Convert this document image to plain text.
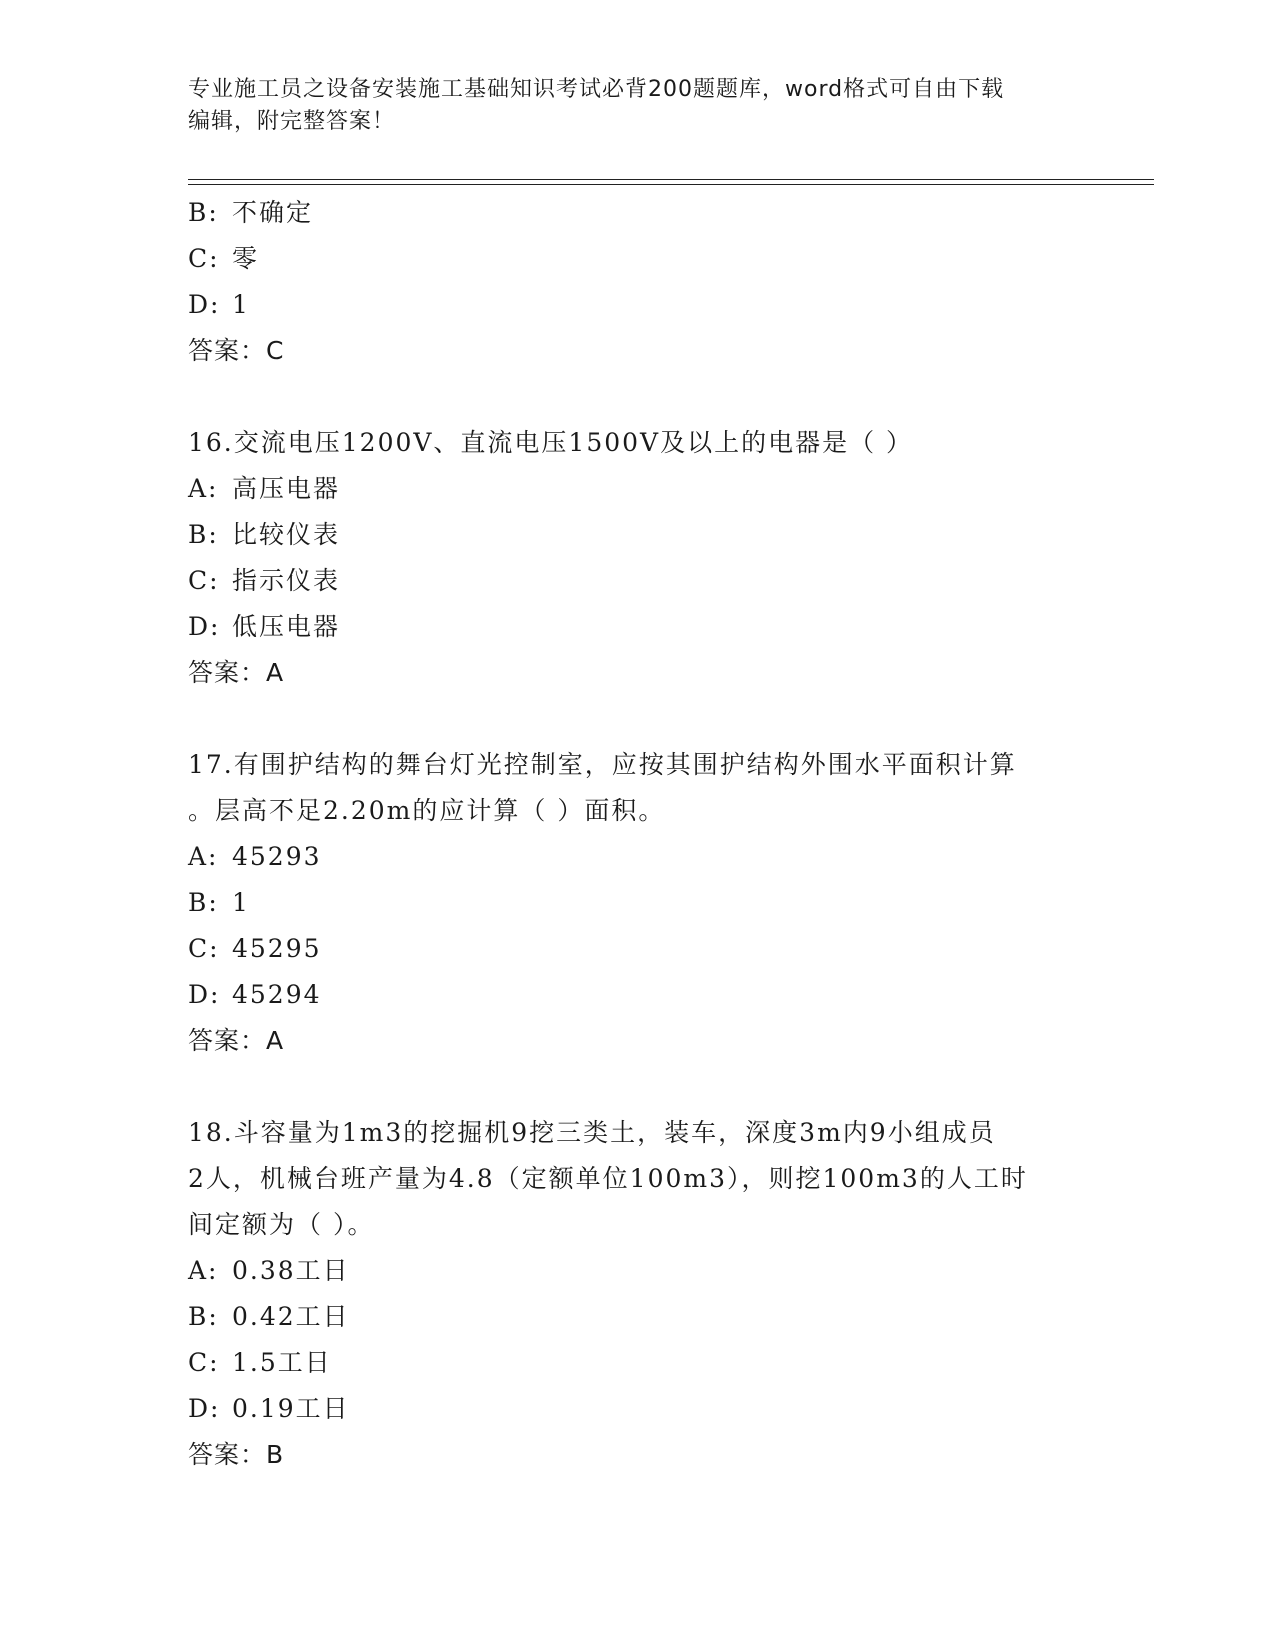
专业施工员之设备安装施工基础知识考试必背200题题库，word格式可自由下载
编辑，附完整答案！
B: 不确定
C: 零
D: 1
答案：C
16.交流电压1200V、直流电压1500V及以上的电器是（ ）
A: 高压电器
B: 比较仪表
C: 指示仪表
D: 低压电器
答案：A
17.有围护结构的舞台灯光控制室，应按其围护结构外围水平面积计算
。层高不足2.20m的应计算（ ）面积。
A: 45293
B: 1
C: 45295
D: 45294
答案：A
18.斗容量为1m3的挖掘机9挖三类土，装车，深度3m内9小组成员
2人，机械台班产量为4.8（定额单位100m3），则挖100m3的人工时
间定额为（ ）。
A: 0.38工日
B: 0.42工日
C: 1.5工日
D: 0.19工日
答案：B
